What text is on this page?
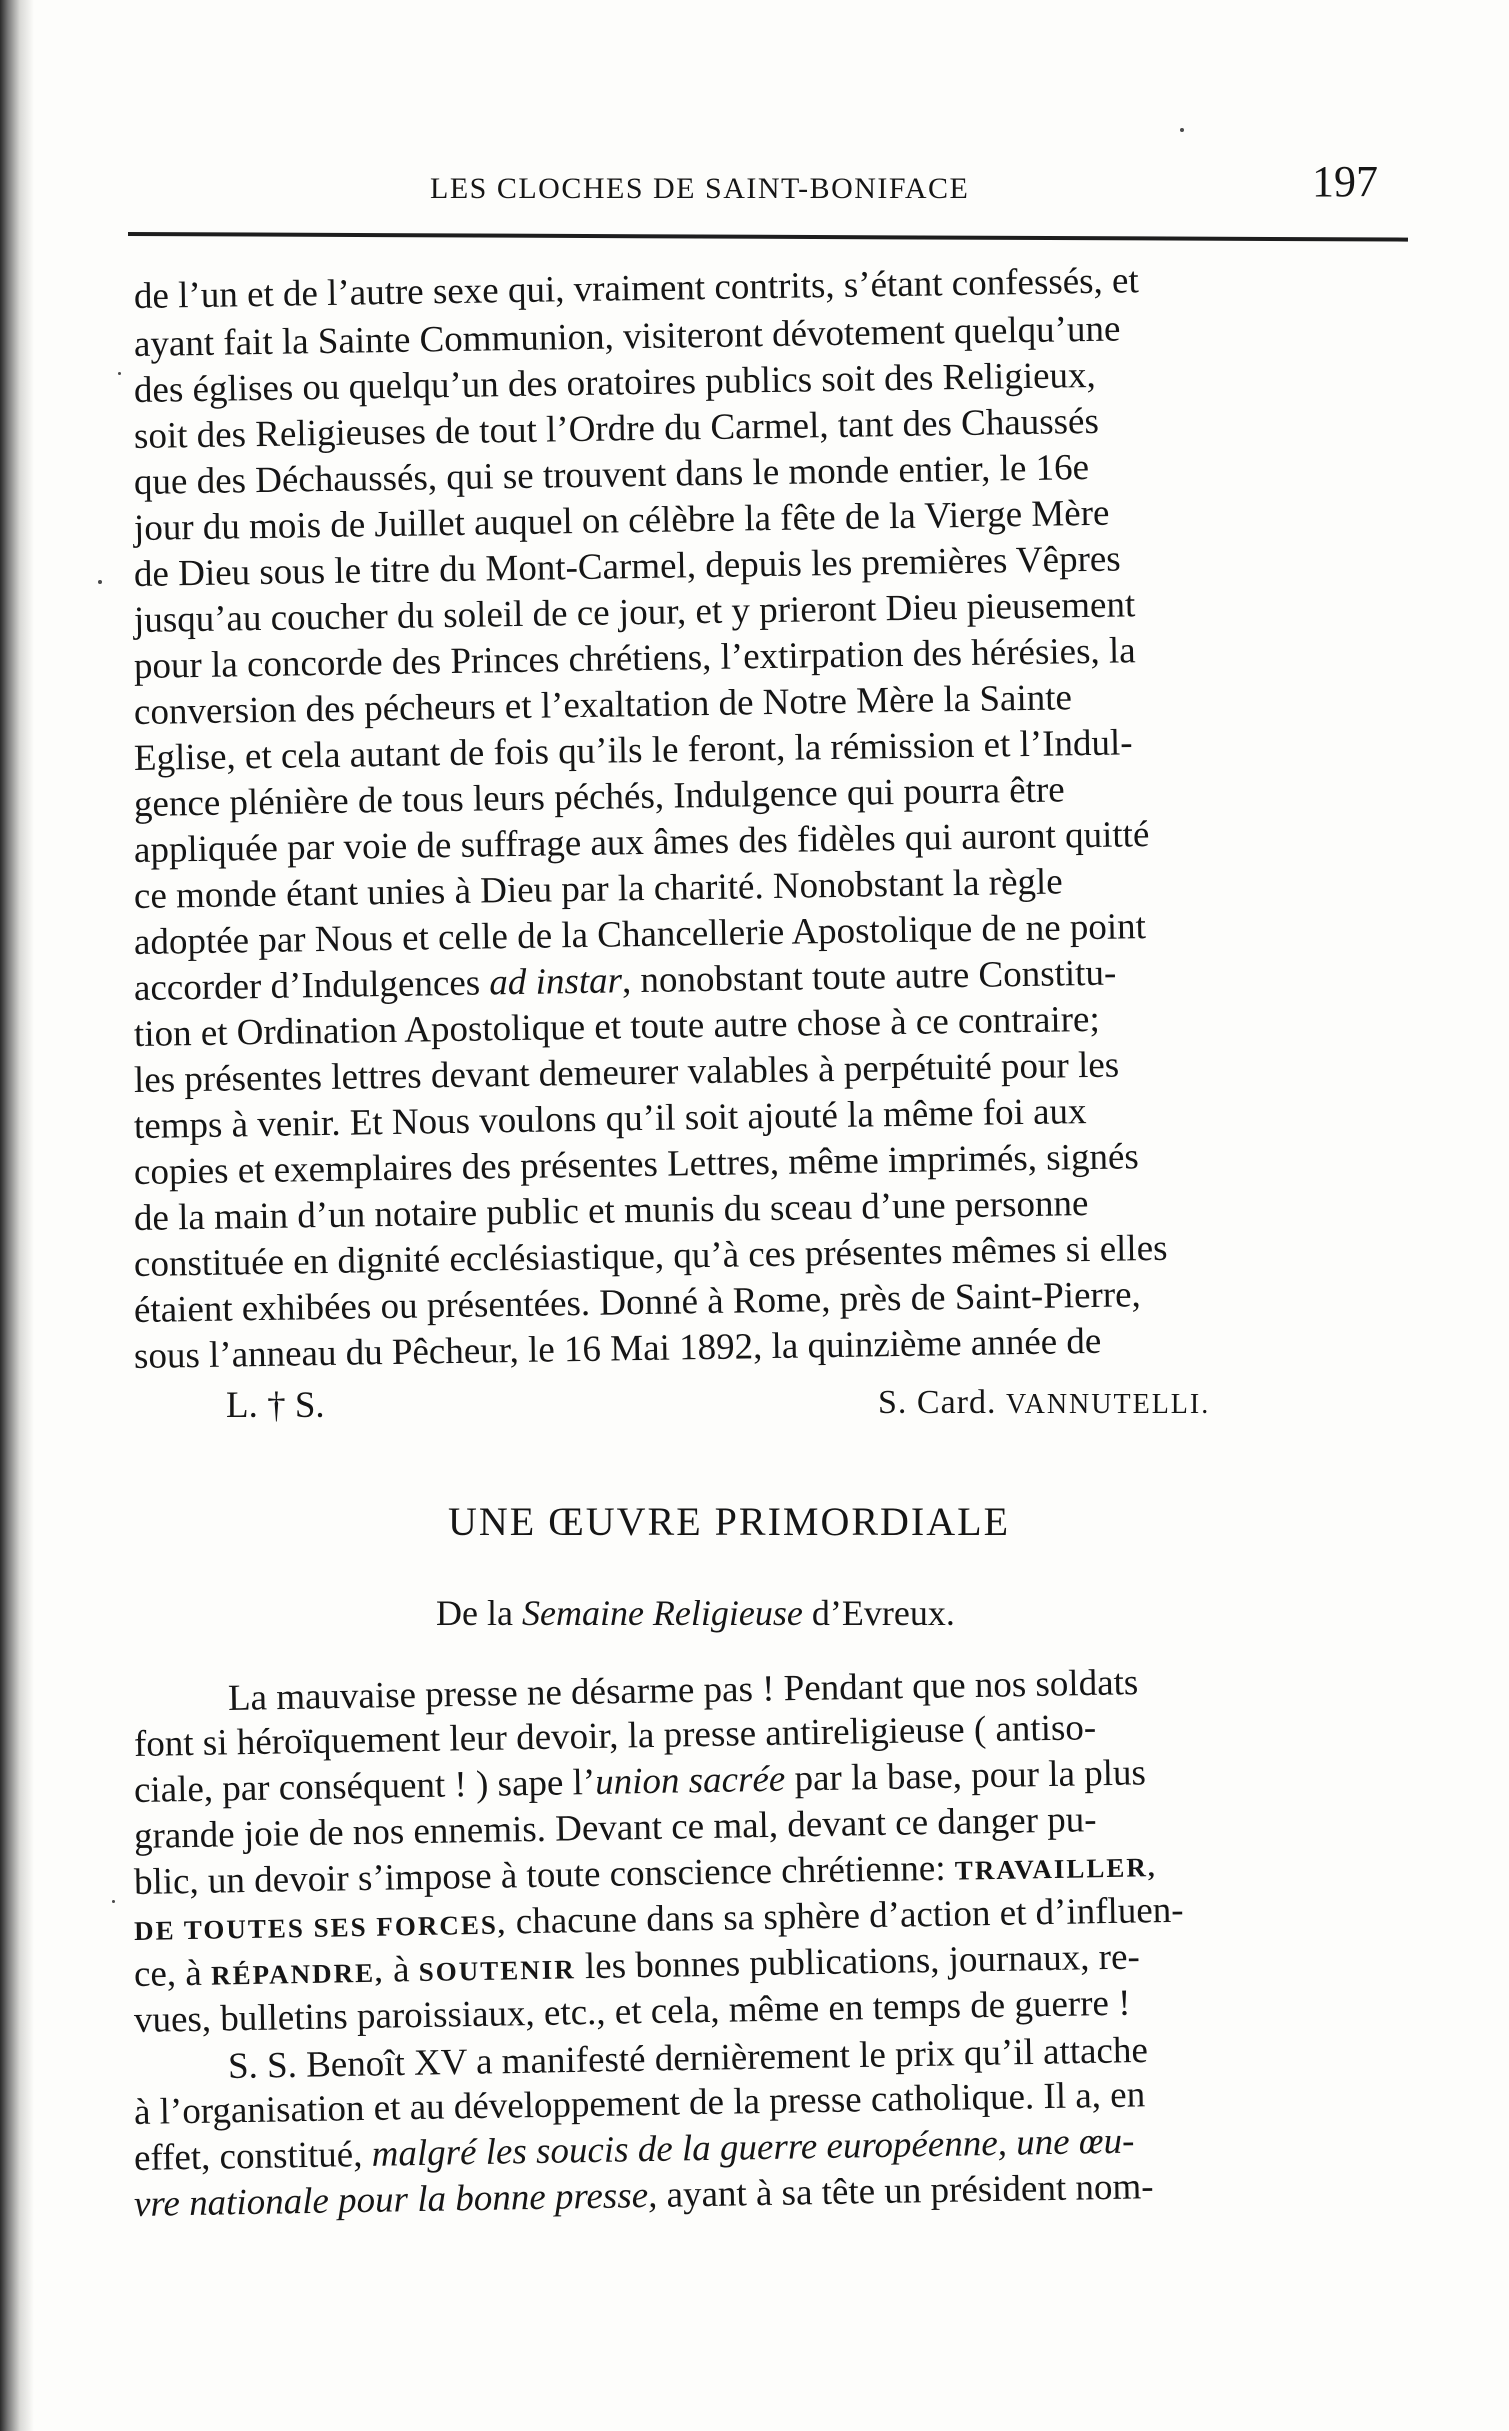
LES CLOCHES DE SAINT-BONIFACE	197
de l’un et de l’autre sexe qui, vraiment contrits, s’étant confessés, et
ayant fait la Sainte Communion, visiteront dévotement quelqu’une
des églises ou quelqu’un des oratoires publics soit des Religieux,
soit des Religieuses de tout l’Ordre du Carmel, tant des Chaussés
que des Déchaussés, qui se trouvent dans le monde entier, le 16e
jour du mois de Juillet auquel on célèbre la fête de la Vierge Mère
de Dieu sous le titre du Mont-Carmel, depuis les premières Vêpres
jusqu’au coucher du soleil de ce jour, et y prieront Dieu pieusement
pour la concorde des Princes chrétiens, l’extirpation des hérésies, la
conversion des pécheurs et l’exaltation de Notre Mère la Sainte
Eglise, et cela autant de fois qu’ils le feront, la rémission et l’Indul-
gence plénière de tous leurs péchés, Indulgence qui pourra être
appliquée par voie de suffrage aux âmes des fidèles qui auront quitté
ce monde étant unies à Dieu par la charité. Nonobstant la règle
adoptée par Nous et celle de la Chancellerie Apostolique de ne point
accorder d’Indulgences ad instar, nonobstant toute autre Constitu-
tion et Ordination Apostolique et toute autre chose à ce contraire;
les présentes lettres devant demeurer valables à perpétuité pour les
temps à venir. Et Nous voulons qu’il soit ajouté la même foi aux
copies et exemplaires des présentes Lettres, même imprimés, signés
de la main d’un notaire public et munis du sceau d’une personne
constituée en dignité ecclésiastique, qu’à ces présentes mêmes si elles
étaient exhibées ou présentées. Donné à Rome, près de Saint-Pierre,
sous l’anneau du Pêcheur, le 16 Mai 1892, la quinzième année de
L. † S.	S. Card. VANNUTELLI.
UNE ŒUVRE PRIMORDIALE
De la Semaine Religieuse d’Evreux.
La mauvaise presse ne désarme pas ! Pendant que nos soldats
font si héroïquement leur devoir, la presse antireligieuse ( antiso-
ciale, par conséquent ! ) sape l’union sacrée par la base, pour la plus
grande joie de nos ennemis. Devant ce mal, devant ce danger pu-
blic, un devoir s’impose à toute conscience chrétienne: TRAVAILLER,
DE TOUTES SES FORCES, chacune dans sa sphère d’action et d’influen-
ce, à RÉPANDRE, à SOUTENIR les bonnes publications, journaux, re-
vues, bulletins paroissiaux, etc., et cela, même en temps de guerre !
S. S. Benoît XV a manifesté dernièrement le prix qu’il attache
à l’organisation et au développement de la presse catholique. Il a, en
effet, constitué, malgré les soucis de la guerre européenne, une œu-
vre nationale pour la bonne presse, ayant à sa tête un président nom-
